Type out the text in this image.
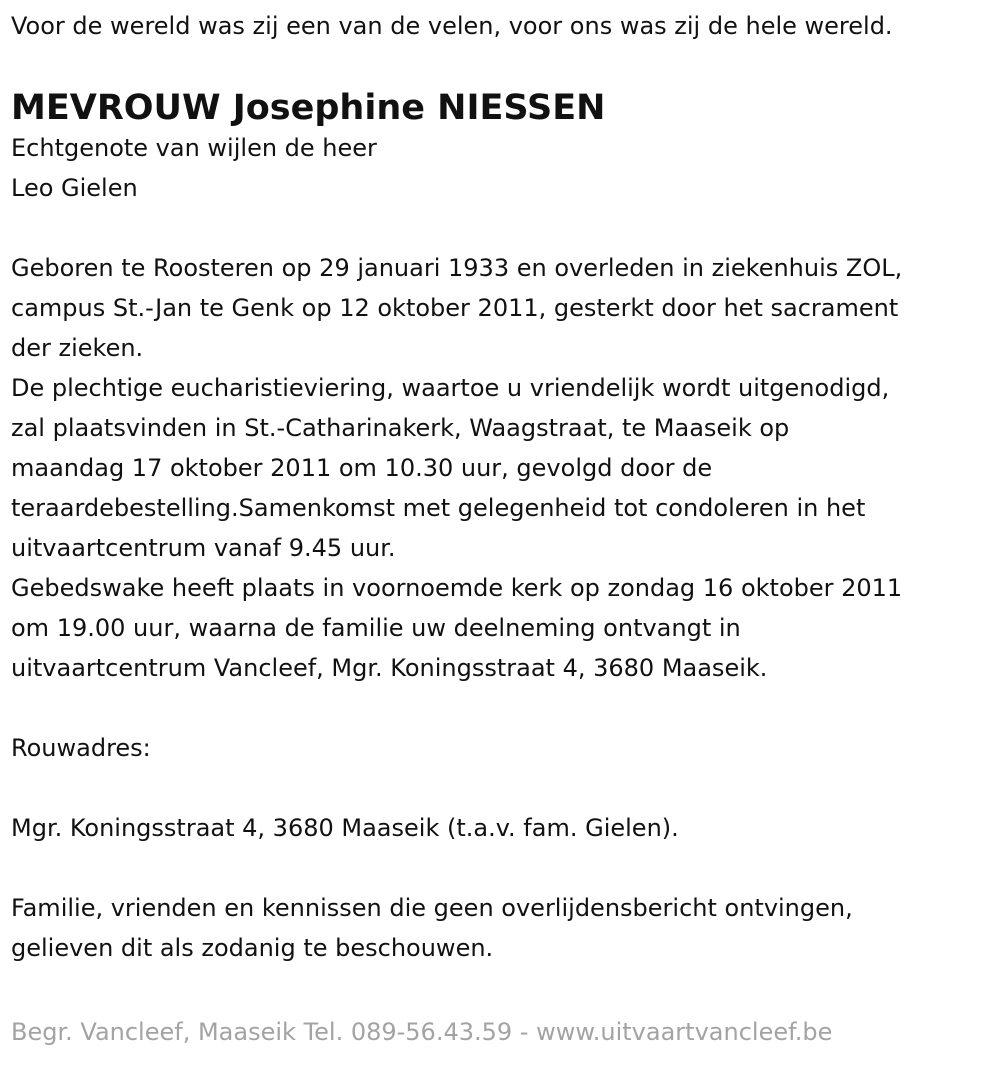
Voor de wereld was zij een van de velen, voor ons was zij de hele wereld.

MEVROUW Josephine NIESSEN

Echtgenote van wijlen de heer

Leo Gielen

Geboren te Roosteren op 29 januari 1933 en overleden in ziekenhuis ZOL,

campus St.-Jan te Genk op 12 oktober 2011, gesterkt door het sacrament

der zieken.

De plechtige eucharistieviering, waartoe u vriendelijk wordt uitgenodigd,

zal plaatsvinden in St.-Catharinakerk, Waagstraat, te Maaseik op

maandag 17 oktober 2011 om 10.30 uur, gevolgd door de

teraardebestelling.Samenkomst met gelegenheid tot condoleren in het

uitvaartcentrum vanaf 9.45 uur.

Gebedswake heeft plaats in voornoemde kerk op zondag 16 oktober 2011

om 19.00 uur, waarna de familie uw deelneming ontvangt in

uitvaartcentrum Vancleef, Mgr. Koningsstraat 4, 3680 Maaseik.

Rouwadres:

Mgr. Koningsstraat 4, 3680 Maaseik (t.a.v. fam. Gielen).

Familie, vrienden en kennissen die geen overlijdensbericht ontvingen,

gelieven dit als zodanig te beschouwen.

Begr. Vancleef, Maaseik Tel. 089-56.43.59 - www.uitvaartvancleef.be
